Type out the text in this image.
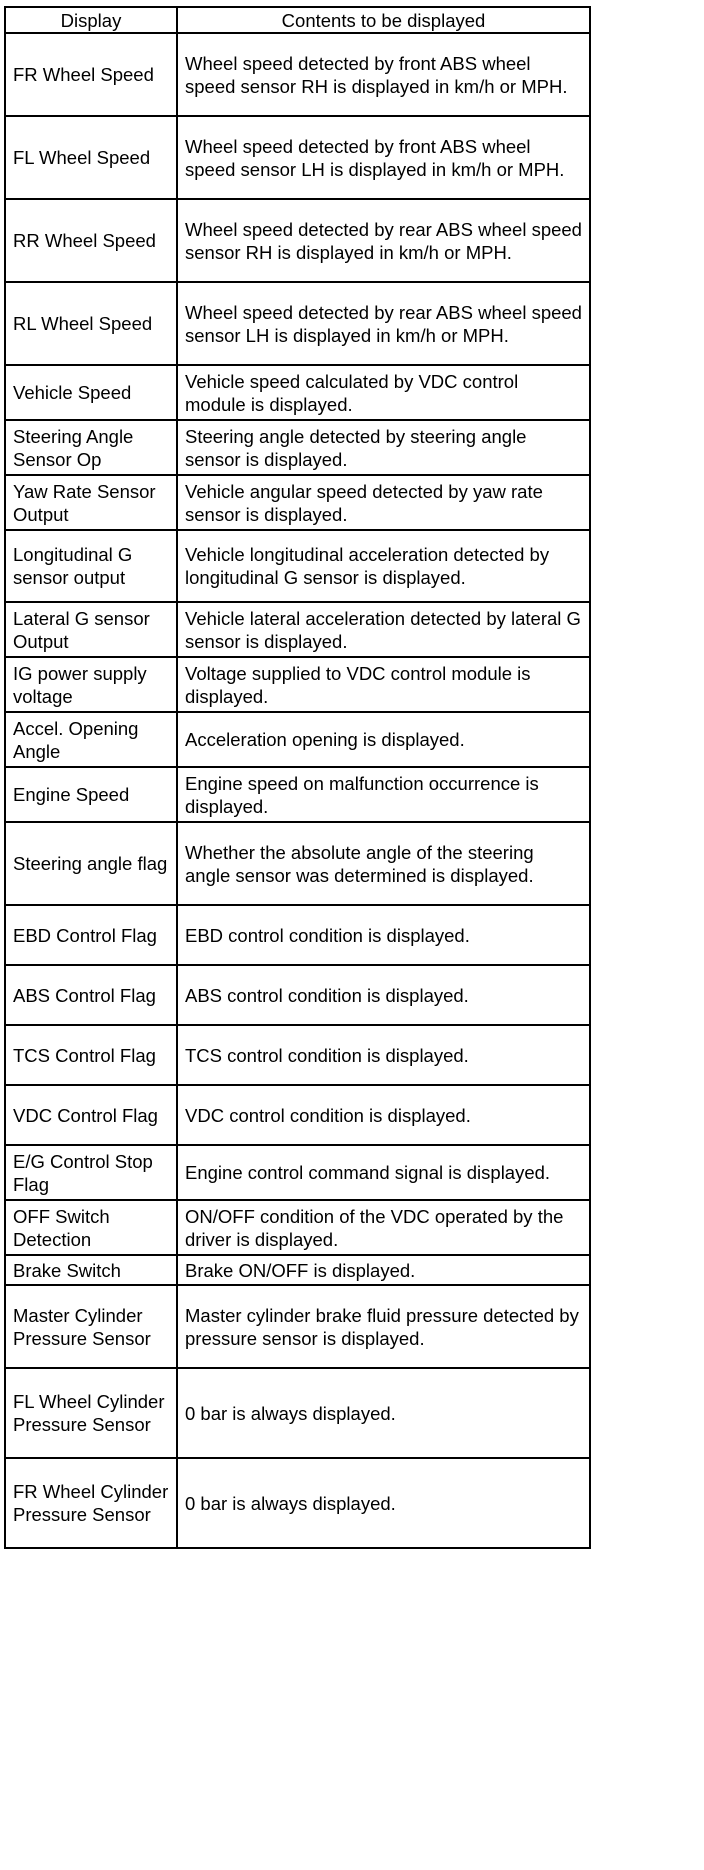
Display	Contents to be displayed
FR Wheel Speed	Wheel speed detected by front ABS wheel speed sensor RH is displayed in km/h or MPH.
FL Wheel Speed	Wheel speed detected by front ABS wheel speed sensor LH is displayed in km/h or MPH.
RR Wheel Speed	Wheel speed detected by rear ABS wheel speed sensor RH is displayed in km/h or MPH.
RL Wheel Speed	Wheel speed detected by rear ABS wheel speed sensor LH is displayed in km/h or MPH.
Vehicle Speed	Vehicle speed calculated by VDC control module is displayed.
Steering Angle Sensor Op	Steering angle detected by steering angle sensor is displayed.
Yaw Rate Sensor Output	Vehicle angular speed detected by yaw rate sensor is displayed.
Longitudinal G sensor output	Vehicle longitudinal acceleration detected by longitudinal G sensor is displayed.
Lateral G sensor Output	Vehicle lateral acceleration detected by lateral G sensor is displayed.
IG power supply voltage	Voltage supplied to VDC control module is displayed.
Accel. Opening Angle	Acceleration opening is displayed.
Engine Speed	Engine speed on malfunction occurrence is displayed.
Steering angle flag	Whether the absolute angle of the steering angle sensor was determined is displayed.
EBD Control Flag	EBD control condition is displayed.
ABS Control Flag	ABS control condition is displayed.
TCS Control Flag	TCS control condition is displayed.
VDC Control Flag	VDC control condition is displayed.
E/G Control Stop Flag	Engine control command signal is displayed.
OFF Switch Detection	ON/OFF condition of the VDC operated by the driver is displayed.
Brake Switch	Brake ON/OFF is displayed.
Master Cylinder Pressure Sensor	Master cylinder brake fluid pressure detected by pressure sensor is displayed.
FL Wheel Cylinder Pressure Sensor	0 bar is always displayed.
FR Wheel Cylinder Pressure Sensor	0 bar is always displayed.
